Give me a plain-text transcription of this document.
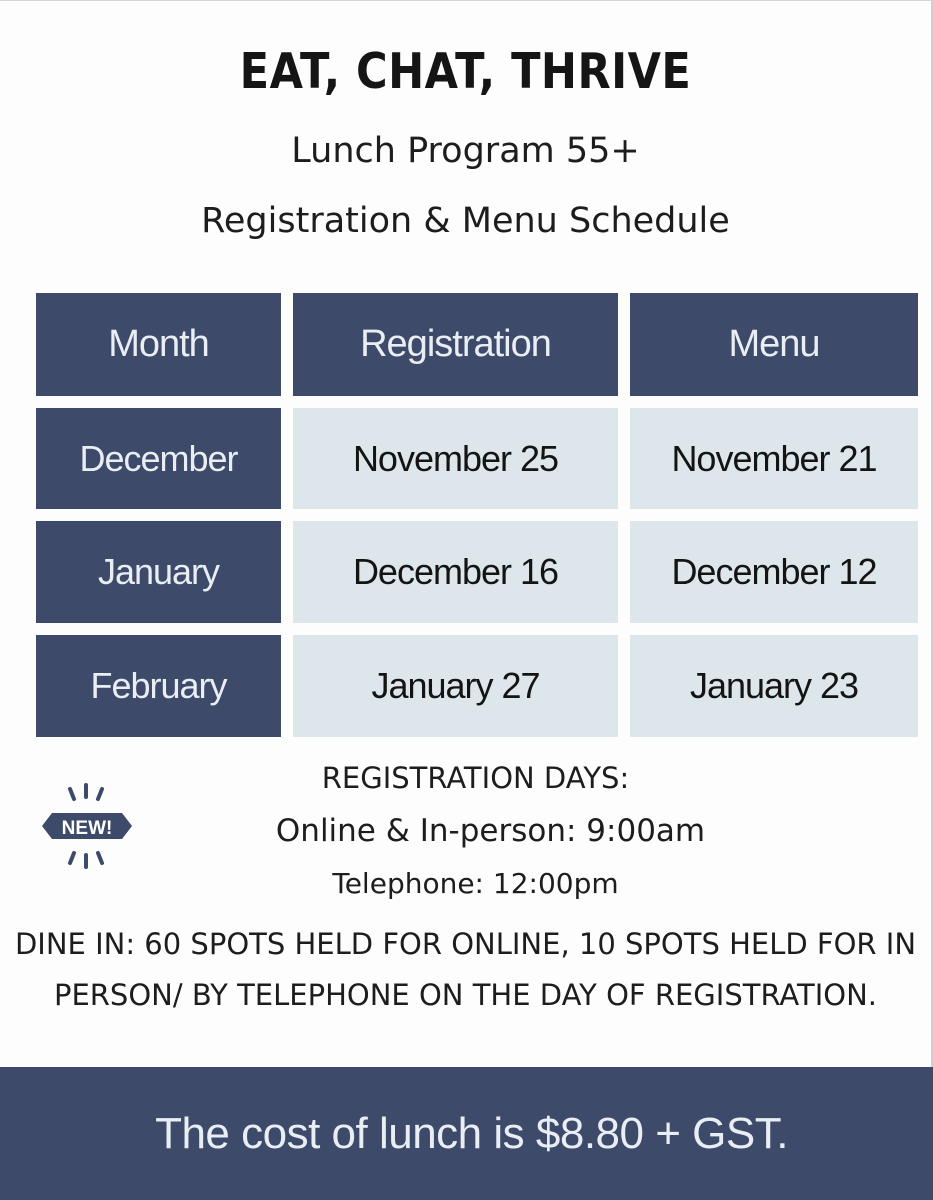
EAT, CHAT, THRIVE
Lunch Program 55+
Registration & Menu Schedule
Month	Registration	Menu
December	November 25	November 21
January	December 16	December 12
February	January 27	January 23
NEW!
REGISTRATION DAYS:
Online & In-person: 9:00am
Telephone: 12:00pm
DINE IN: 60 SPOTS HELD FOR ONLINE, 10 SPOTS HELD FOR IN PERSON/ BY TELEPHONE ON THE DAY OF REGISTRATION.
The cost of lunch is $8.80 + GST.
